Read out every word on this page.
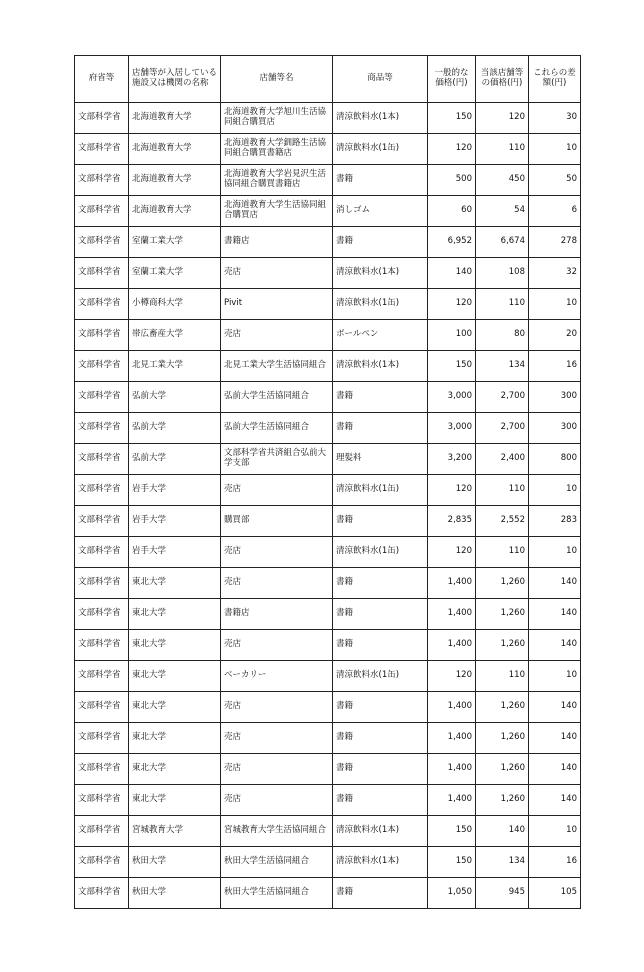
府省等	店舗等が入居している施設又は機関の名称	店舗等名	商品等	一般的な価格(円)	当該店舗等の価格(円)	これらの差額(円)
文部科学省	北海道教育大学	北海道教育大学旭川生活協同組合購買店	清涼飲料水(1本)	150	120	30
文部科学省	北海道教育大学	北海道教育大学釧路生活協同組合購買書籍店	清涼飲料水(1缶)	120	110	10
文部科学省	北海道教育大学	北海道教育大学岩見沢生活協同組合購買書籍店	書籍	500	450	50
文部科学省	北海道教育大学	北海道教育大学生活協同組合購買店	消しゴム	60	54	6
文部科学省	室蘭工業大学	書籍店	書籍	6,952	6,674	278
文部科学省	室蘭工業大学	売店	清涼飲料水(1本)	140	108	32
文部科学省	小樽商科大学	Pivit	清涼飲料水(1缶)	120	110	10
文部科学省	帯広畜産大学	売店	ボールペン	100	80	20
文部科学省	北見工業大学	北見工業大学生活協同組合	清涼飲料水(1本)	150	134	16
文部科学省	弘前大学	弘前大学生活協同組合	書籍	3,000	2,700	300
文部科学省	弘前大学	弘前大学生活協同組合	書籍	3,000	2,700	300
文部科学省	弘前大学	文部科学省共済組合弘前大学支部	理髪料	3,200	2,400	800
文部科学省	岩手大学	売店	清涼飲料水(1缶)	120	110	10
文部科学省	岩手大学	購買部	書籍	2,835	2,552	283
文部科学省	岩手大学	売店	清涼飲料水(1缶)	120	110	10
文部科学省	東北大学	売店	書籍	1,400	1,260	140
文部科学省	東北大学	書籍店	書籍	1,400	1,260	140
文部科学省	東北大学	売店	書籍	1,400	1,260	140
文部科学省	東北大学	ベーカリー	清涼飲料水(1缶)	120	110	10
文部科学省	東北大学	売店	書籍	1,400	1,260	140
文部科学省	東北大学	売店	書籍	1,400	1,260	140
文部科学省	東北大学	売店	書籍	1,400	1,260	140
文部科学省	東北大学	売店	書籍	1,400	1,260	140
文部科学省	宮城教育大学	宮城教育大学生活協同組合	清涼飲料水(1本)	150	140	10
文部科学省	秋田大学	秋田大学生活協同組合	清涼飲料水(1本)	150	134	16
文部科学省	秋田大学	秋田大学生活協同組合	書籍	1,050	945	105
